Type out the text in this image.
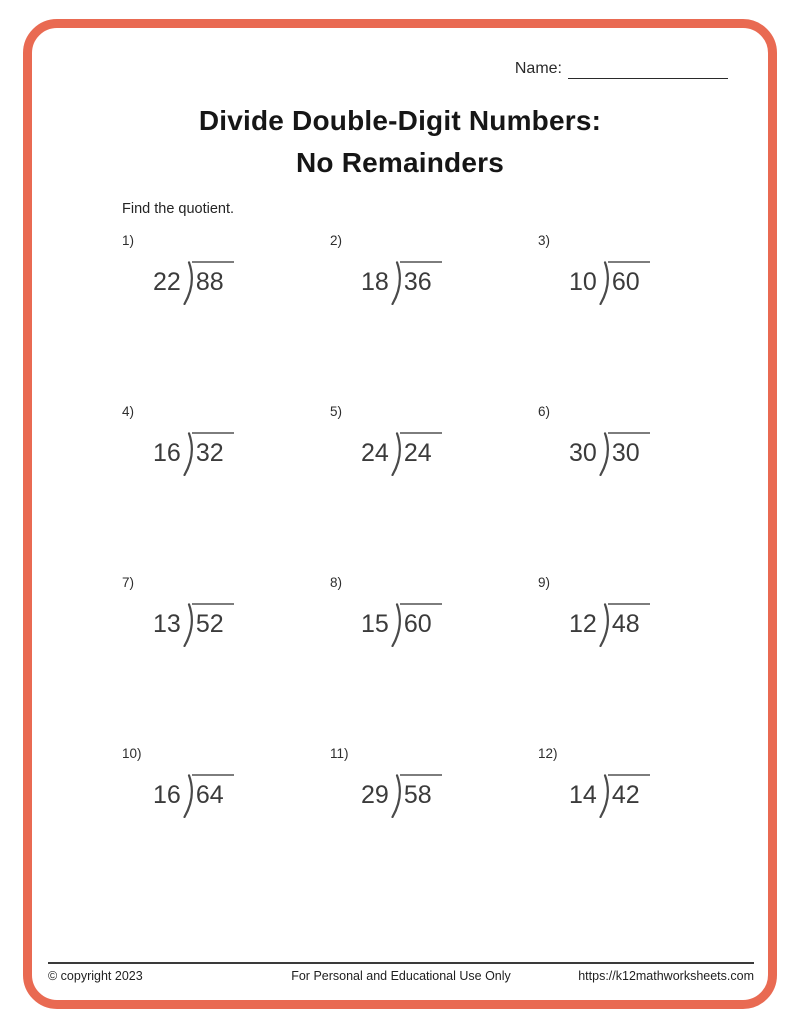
Name:
Divide Double-Digit Numbers:
No Remainders
Find the quotient.
1)
22 88
2)
18 36
3)
10 60
4)
16 32
5)
24 24
6)
30 30
7)
13 52
8)
15 60
9)
12 48
10)
16 64
11)
29 58
12)
14 42
© copyright 2023	For Personal and Educational Use Only	https://k12mathworksheets.com
